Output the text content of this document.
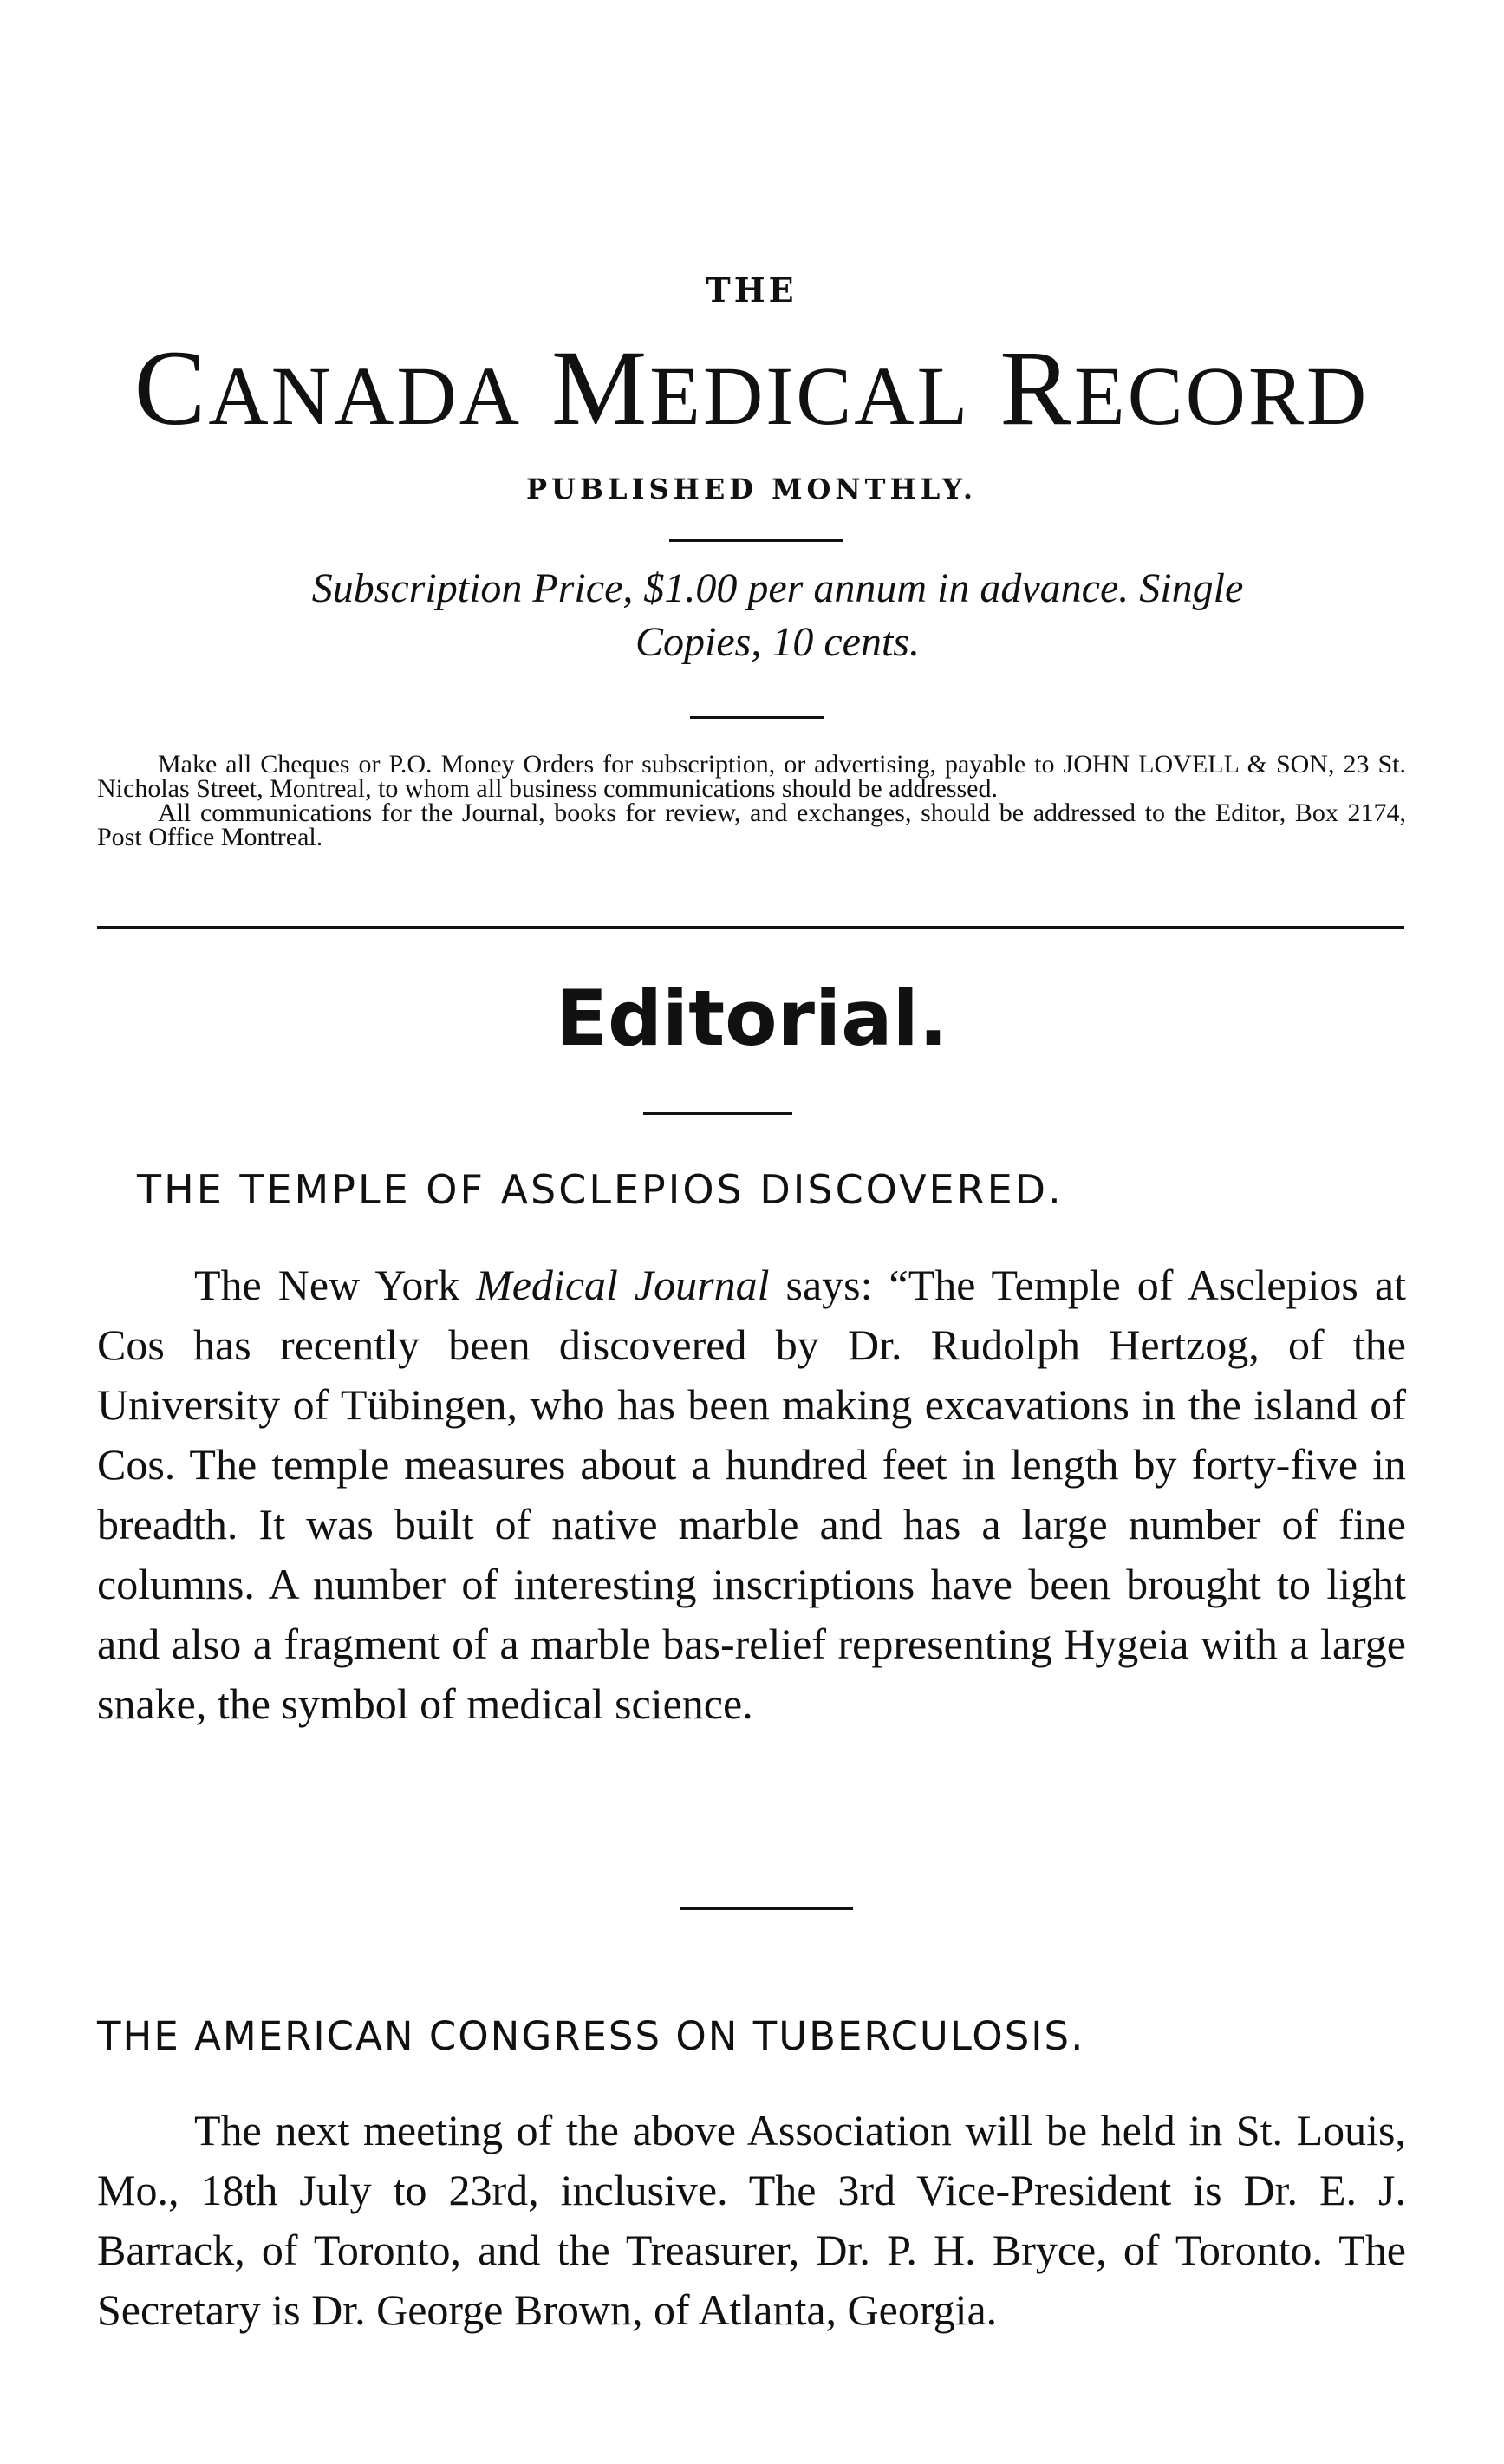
THE
CANADA MEDICAL RECORD
PUBLISHED MONTHLY.
Subscription Price, $1.00 per annum in advance. Single
Copies, 10 cents.

Make all Cheques or P.O. Money Orders for subscription, or advertising, payable to JOHN LOVELL & SON, 23 St. Nicholas Street, Montreal, to whom all business communications should be addressed.

All communications for the Journal, books for review, and exchanges, should be addressed to the Editor, Box 2174, Post Office Montreal.

Editorial.
THE TEMPLE OF ASCLEPIOS DISCOVERED.
The New York Medical Journal says: “The Temple of Asclepios at Cos has recently been discovered by Dr. Rudolph Hertzog, of the University of Tübingen, who has been making excavations in the island of Cos. The temple measures about a hundred feet in length by forty-five in breadth. It was built of native marble and has a large number of fine columns. A number of interesting inscriptions have been brought to light and also a fragment of a marble bas-relief representing Hygeia with a large snake, the symbol of medical science.
THE AMERICAN CONGRESS ON TUBERCULOSIS.
The next meeting of the above Association will be held in St. Louis, Mo., 18th July to 23rd, inclusive. The 3rd Vice-President is Dr. E. J. Barrack, of Toronto, and the Treasurer, Dr. P. H. Bryce, of Toronto. The Secretary is Dr. George Brown, of Atlanta, Georgia.
